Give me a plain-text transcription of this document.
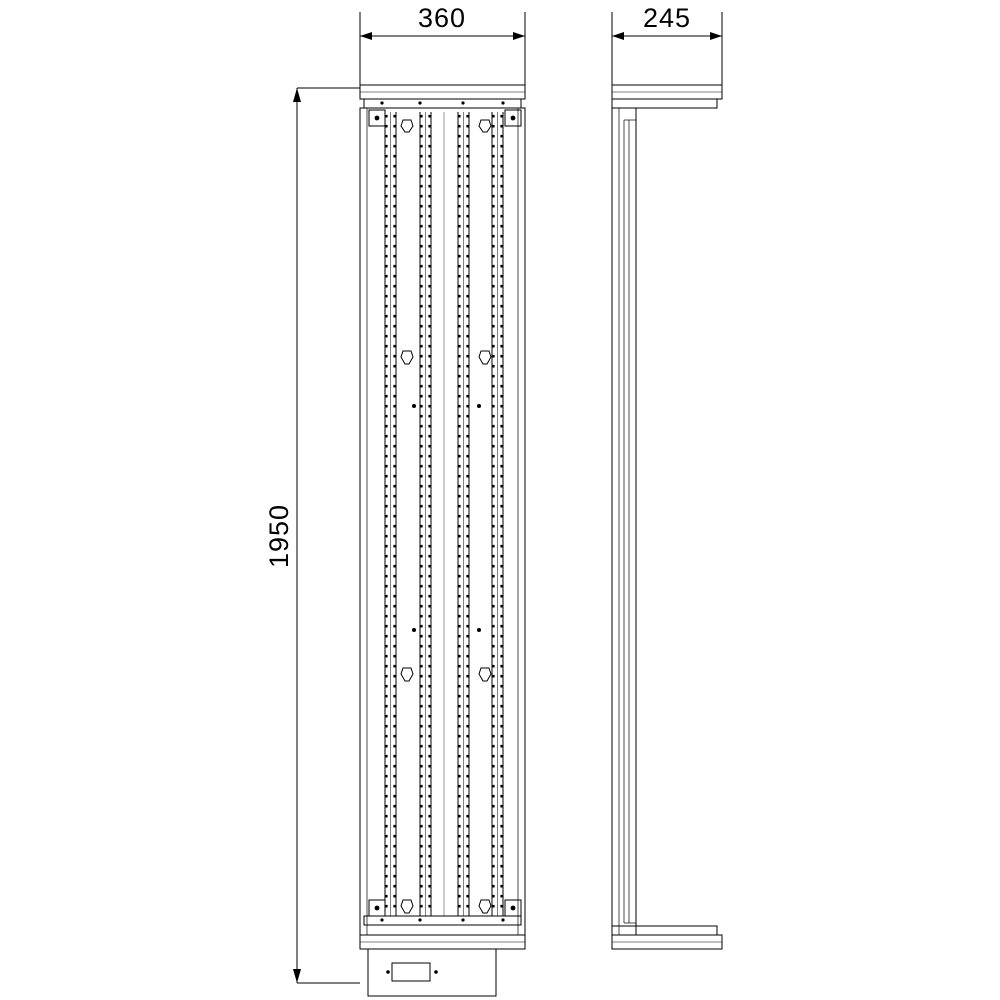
360	245
1950
